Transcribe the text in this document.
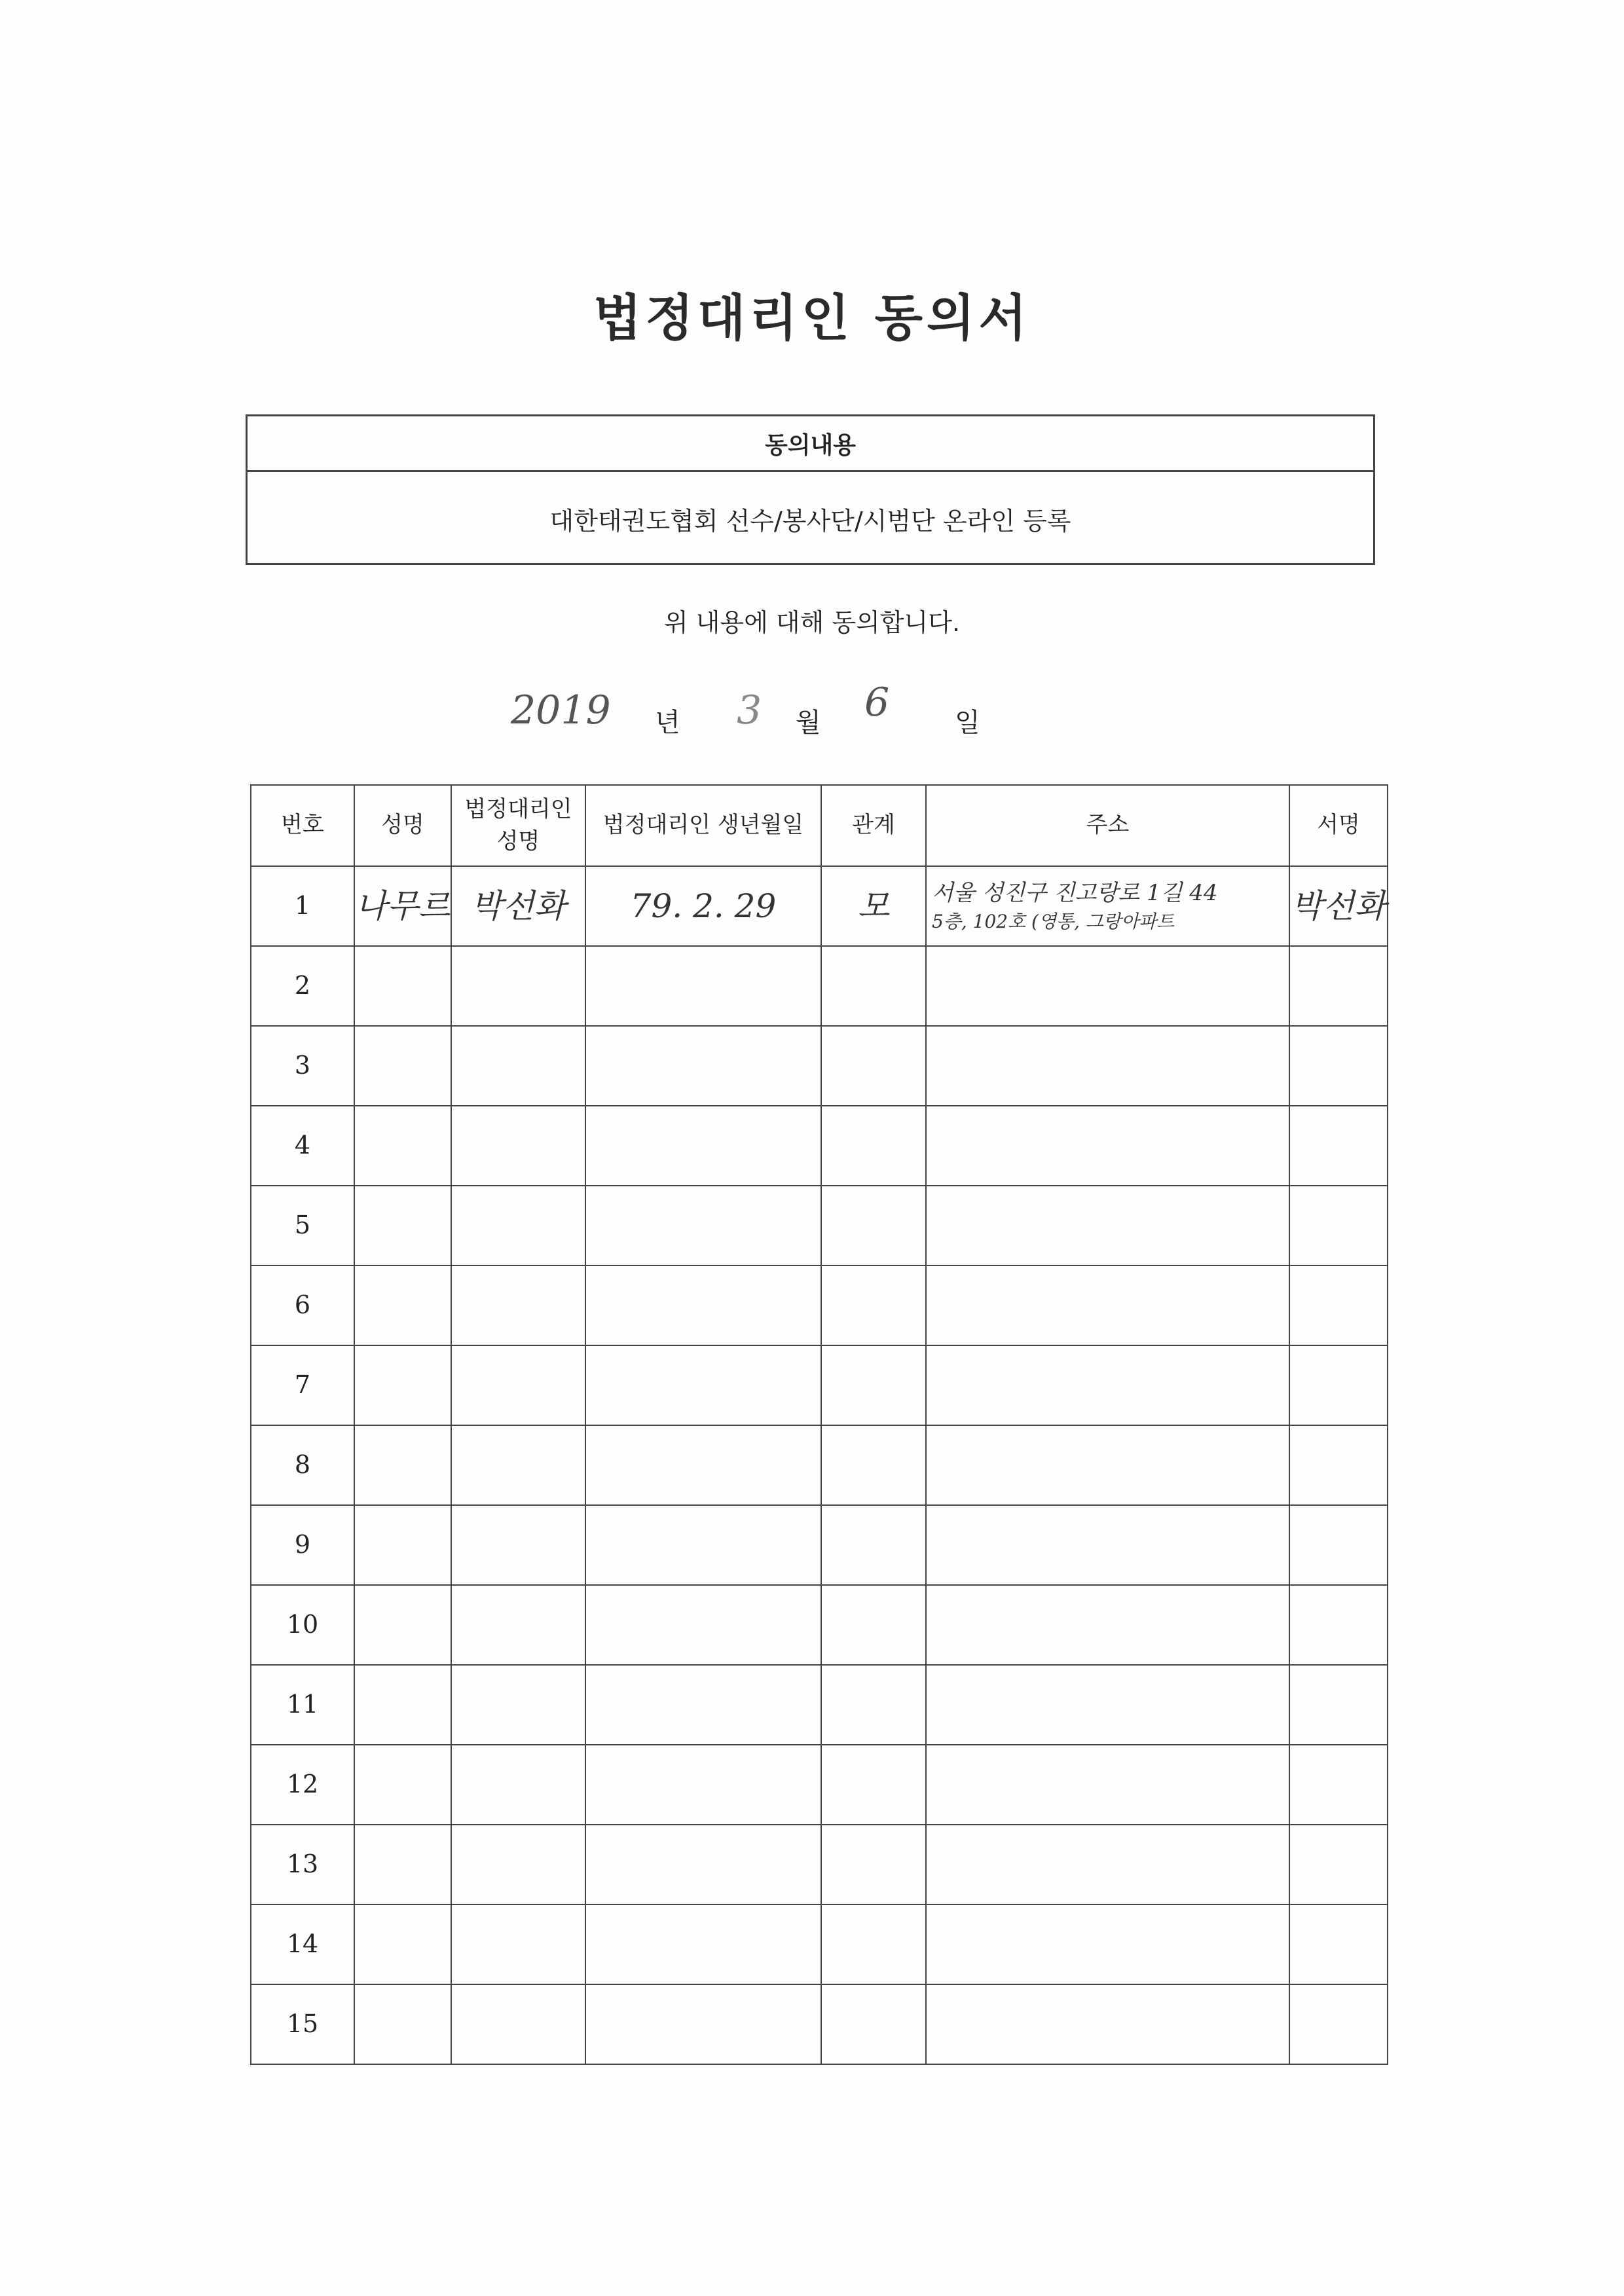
법정대리인 동의서
동의내용
대한태권도협회 선수/봉사단/시범단 온라인 등록
위 내용에 대해 동의합니다.
2019 년 3 월 6 일
번호	성명	법정대리인 성명	법정대리인 생년월일	관계	주소	서명
1	나무르	박선화	79. 2. 29	모	서울 성진구 진고랑로 1길 44
5층, 102호 (영통, 그랑아파트	박선화
2						
3						
4						
5						
6						
7						
8						
9						
10						
11						
12						
13						
14						
15						
